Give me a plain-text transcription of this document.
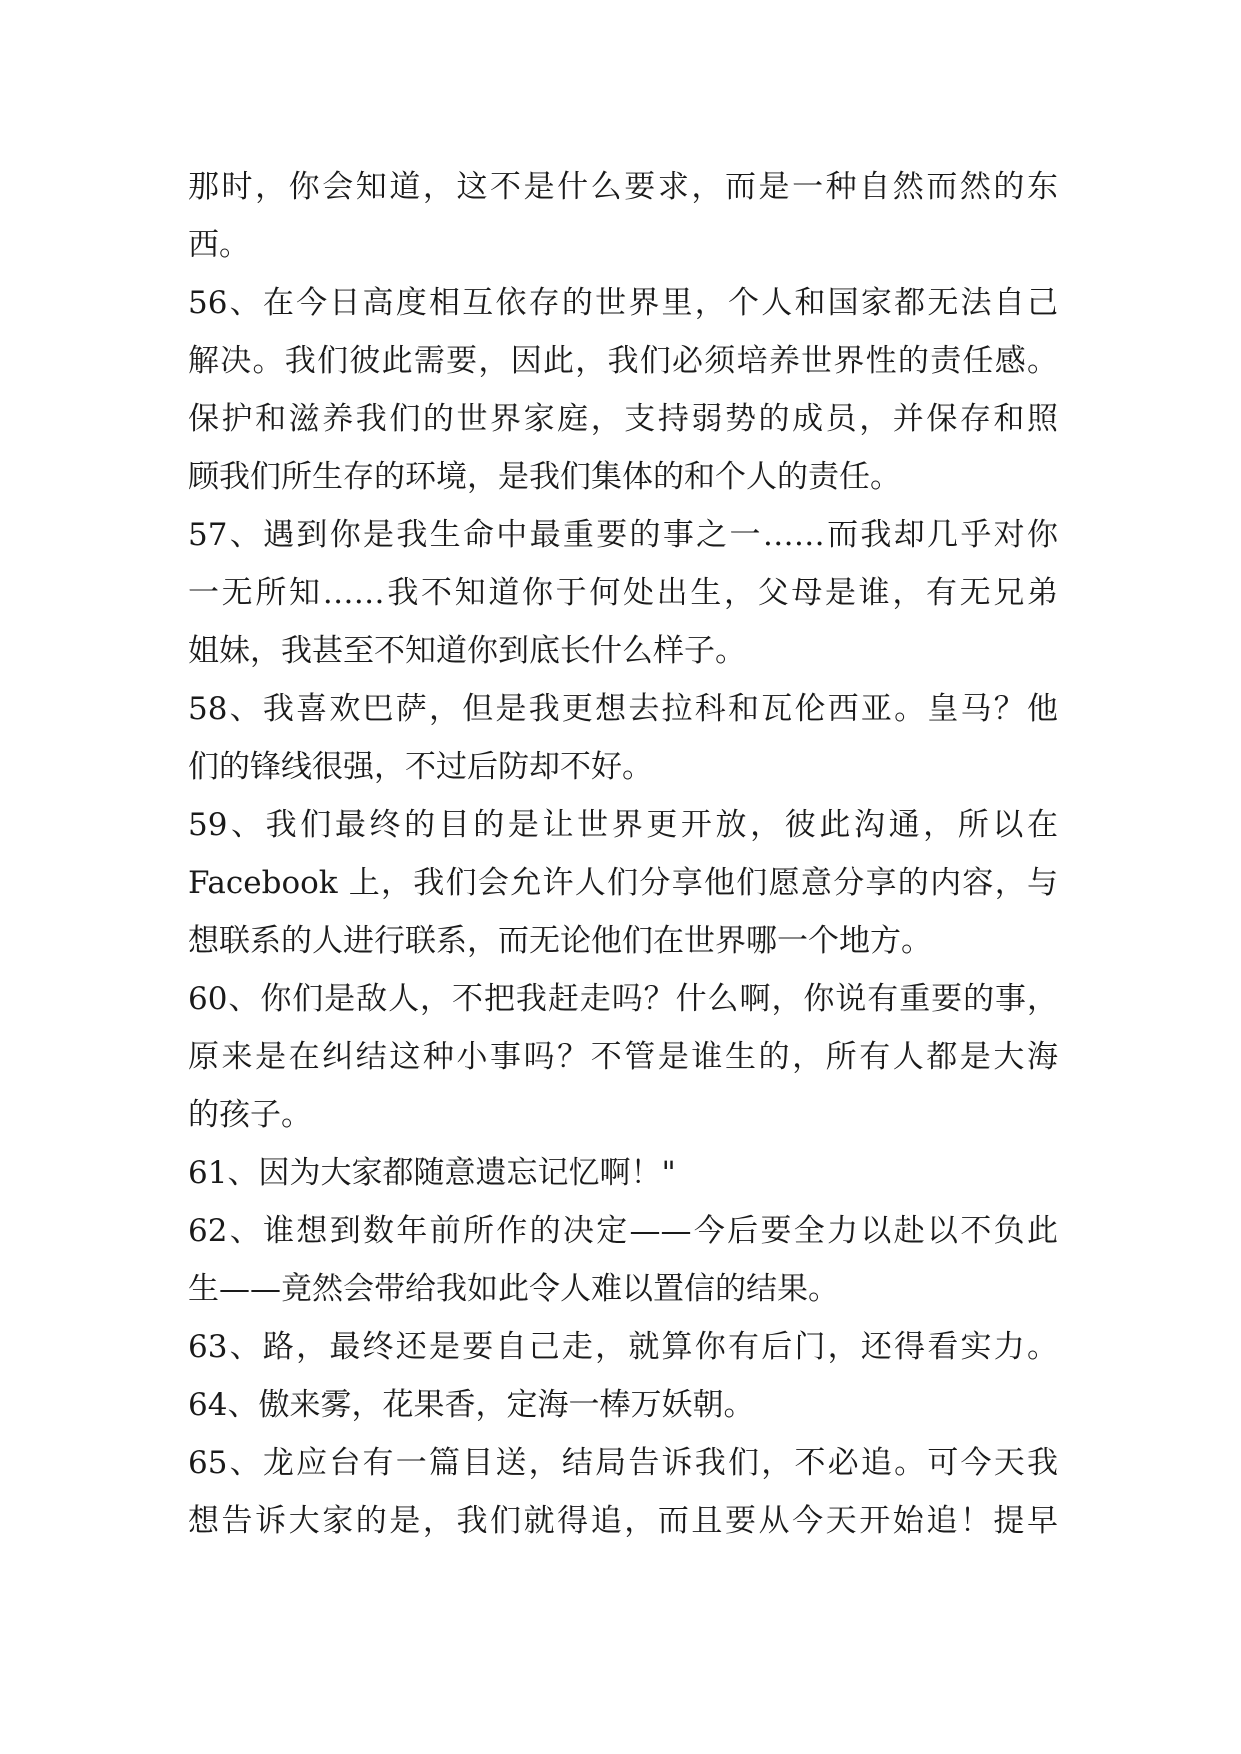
那时，你会知道，这不是什么要求，而是一种自然而然的东
西。
56、在今日高度相互依存的世界里，个人和国家都无法自己
解决。我们彼此需要，因此，我们必须培养世界性的责任感。
保护和滋养我们的世界家庭，支持弱势的成员，并保存和照
顾我们所生存的环境，是我们集体的和个人的责任。
57、遇到你是我生命中最重要的事之一……而我却几乎对你
一无所知……我不知道你于何处出生，父母是谁，有无兄弟
姐妹，我甚至不知道你到底长什么样子。
58、我喜欢巴萨，但是我更想去拉科和瓦伦西亚。皇马？他
们的锋线很强，不过后防却不好。
59、我们最终的目的是让世界更开放，彼此沟通，所以在
Facebook 上，我们会允许人们分享他们愿意分享的内容，与
想联系的人进行联系，而无论他们在世界哪一个地方。
60、你们是敌人，不把我赶走吗？什么啊，你说有重要的事，
原来是在纠结这种小事吗？不管是谁生的，所有人都是大海
的孩子。
61、因为大家都随意遗忘记忆啊！"
62、谁想到数年前所作的决定——今后要全力以赴以不负此
生——竟然会带给我如此令人难以置信的结果。
63、路，最终还是要自己走，就算你有后门，还得看实力。
64、傲来雾，花果香，定海一棒万妖朝。
65、龙应台有一篇目送，结局告诉我们，不必追。可今天我
想告诉大家的是，我们就得追，而且要从今天开始追！提早
